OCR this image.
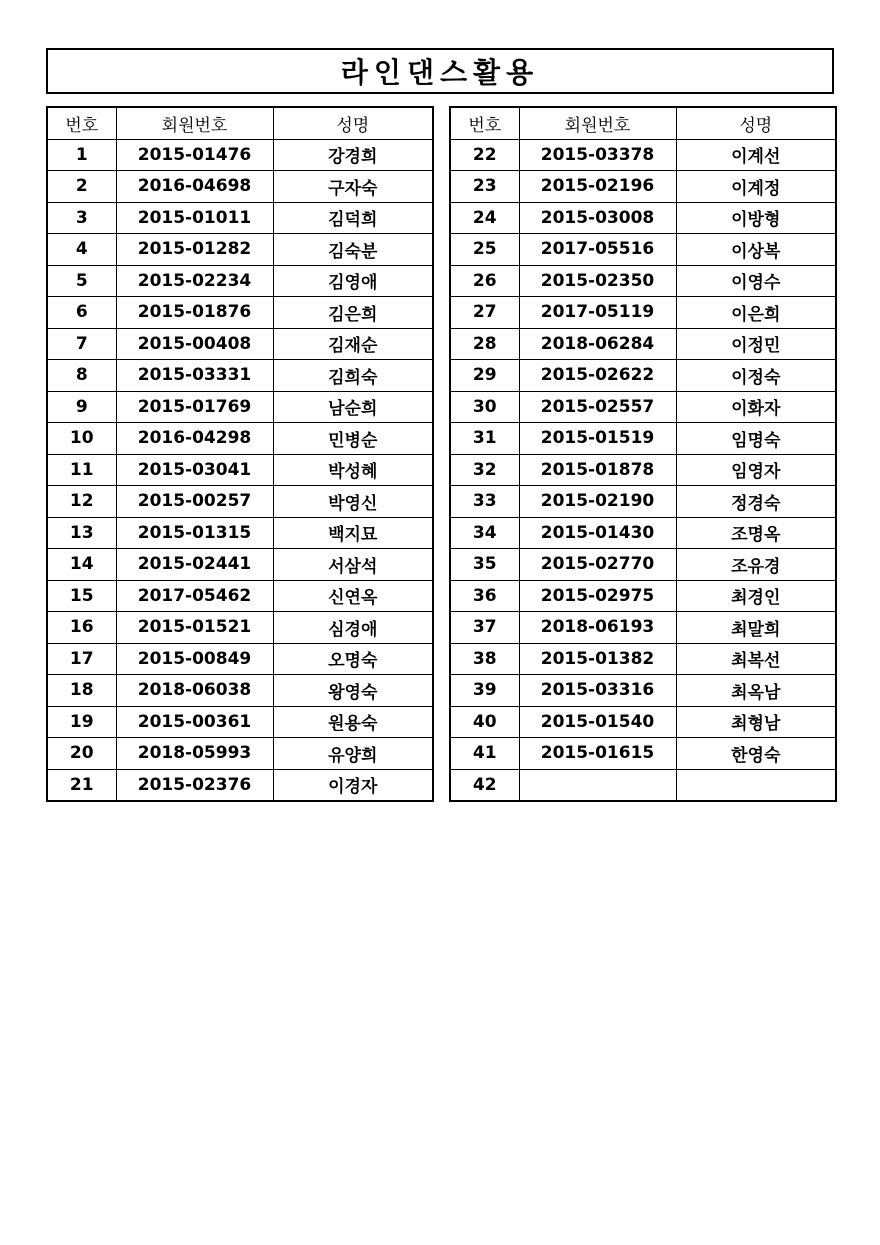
라인댄스활용
번호	회원번호	성명
1	2015-01476	강경희
2	2016-04698	구자숙
3	2015-01011	김덕희
4	2015-01282	김숙분
5	2015-02234	김영애
6	2015-01876	김은희
7	2015-00408	김재순
8	2015-03331	김희숙
9	2015-01769	남순희
10	2016-04298	민병순
11	2015-03041	박성혜
12	2015-00257	박영신
13	2015-01315	백지묘
14	2015-02441	서삼석
15	2017-05462	신연옥
16	2015-01521	심경애
17	2015-00849	오명숙
18	2018-06038	왕영숙
19	2015-00361	원용숙
20	2018-05993	유양희
21	2015-02376	이경자
번호	회원번호	성명
22	2015-03378	이계선
23	2015-02196	이계정
24	2015-03008	이방형
25	2017-05516	이상복
26	2015-02350	이영수
27	2017-05119	이은희
28	2018-06284	이정민
29	2015-02622	이정숙
30	2015-02557	이화자
31	2015-01519	임명숙
32	2015-01878	임영자
33	2015-02190	정경숙
34	2015-01430	조명옥
35	2015-02770	조유경
36	2015-02975	최경인
37	2018-06193	최말희
38	2015-01382	최복선
39	2015-03316	최옥남
40	2015-01540	최형남
41	2015-01615	한영숙
42		
